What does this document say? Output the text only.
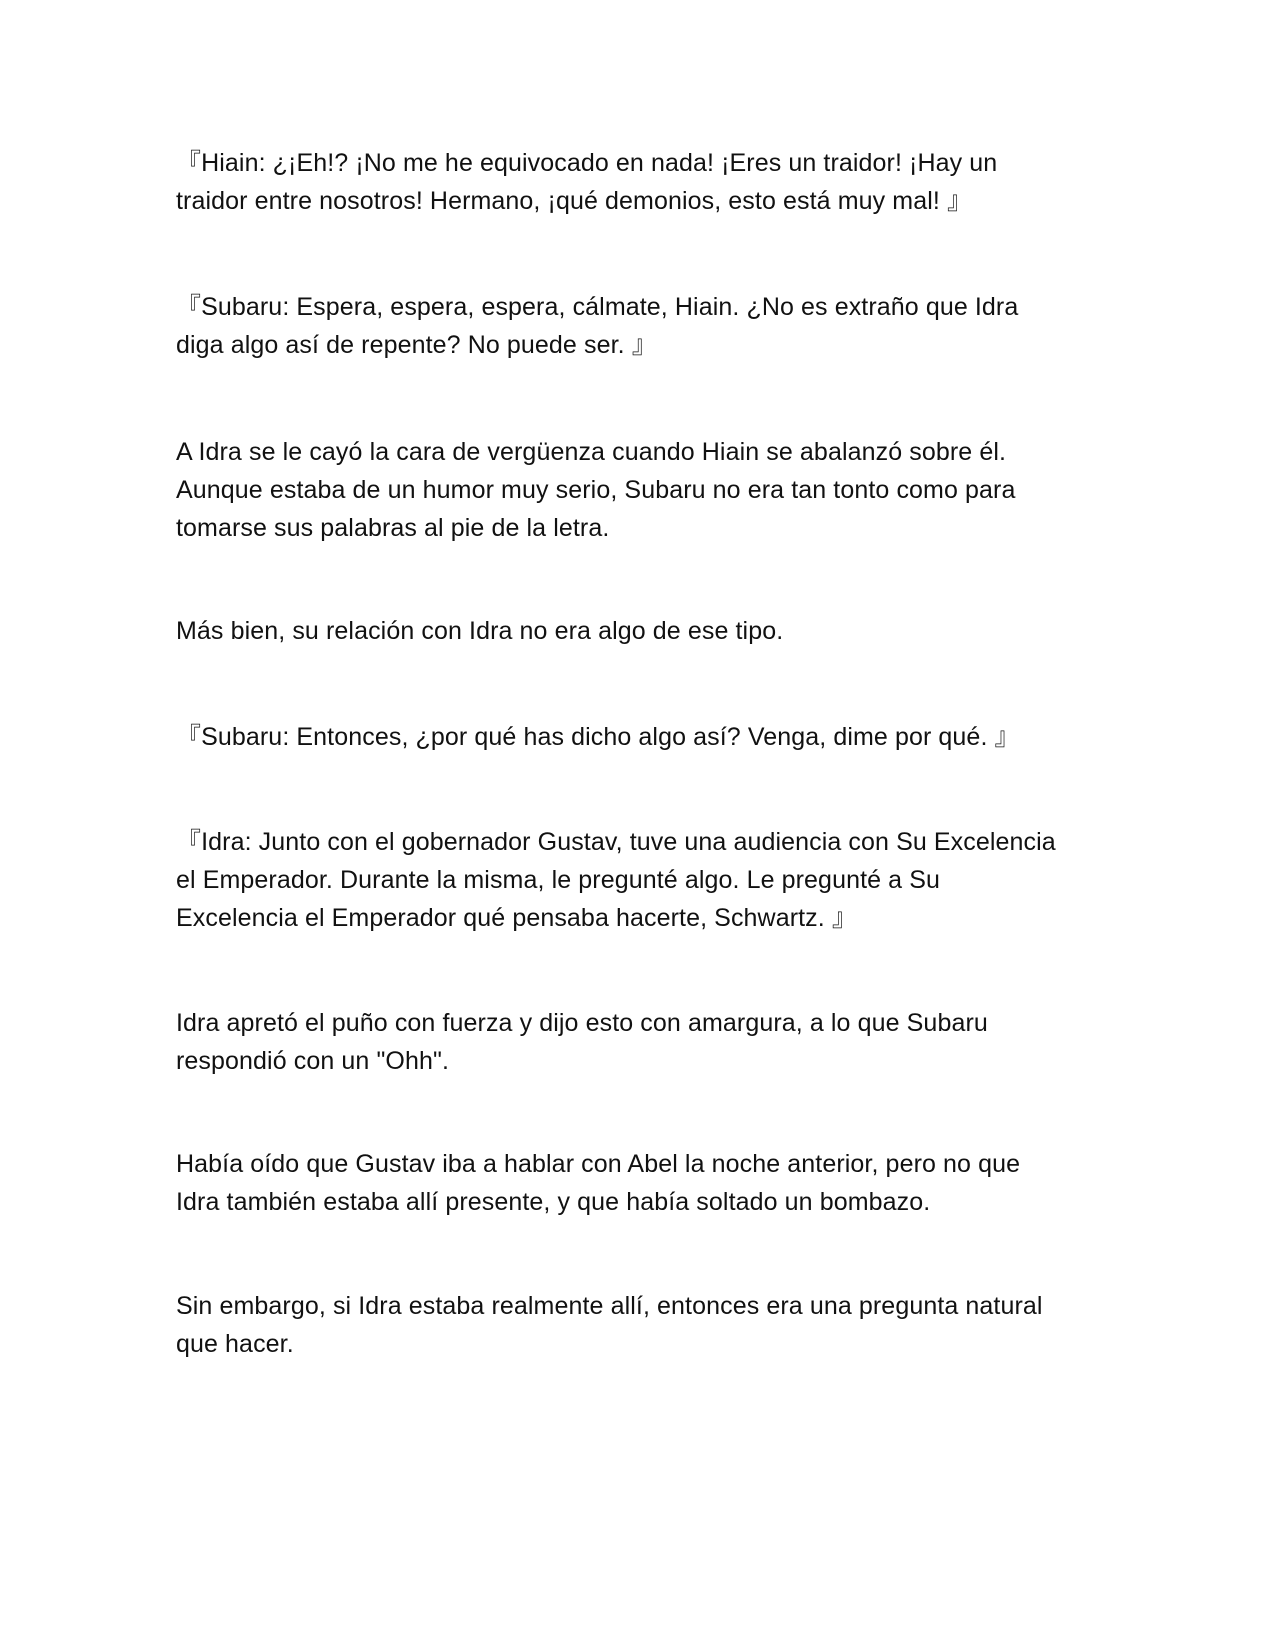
『Hiain: ¿¡Eh!? ¡No me he equivocado en nada! ¡Eres un traidor! ¡Hay un
traidor entre nosotros! Hermano, ¡qué demonios, esto está muy mal! 』

『Subaru: Espera, espera, espera, cálmate, Hiain. ¿No es extraño que Idra
diga algo así de repente? No puede ser. 』

A Idra se le cayó la cara de vergüenza cuando Hiain se abalanzó sobre él.
Aunque estaba de un humor muy serio, Subaru no era tan tonto como para
tomarse sus palabras al pie de la letra.

Más bien, su relación con Idra no era algo de ese tipo.

『Subaru: Entonces, ¿por qué has dicho algo así? Venga, dime por qué. 』

『Idra: Junto con el gobernador Gustav, tuve una audiencia con Su Excelencia
el Emperador. Durante la misma, le pregunté algo. Le pregunté a Su
Excelencia el Emperador qué pensaba hacerte, Schwartz. 』

Idra apretó el puño con fuerza y dijo esto con amargura, a lo que Subaru
respondió con un "Ohh".

Había oído que Gustav iba a hablar con Abel la noche anterior, pero no que
Idra también estaba allí presente, y que había soltado un bombazo.

Sin embargo, si Idra estaba realmente allí, entonces era una pregunta natural
que hacer.
